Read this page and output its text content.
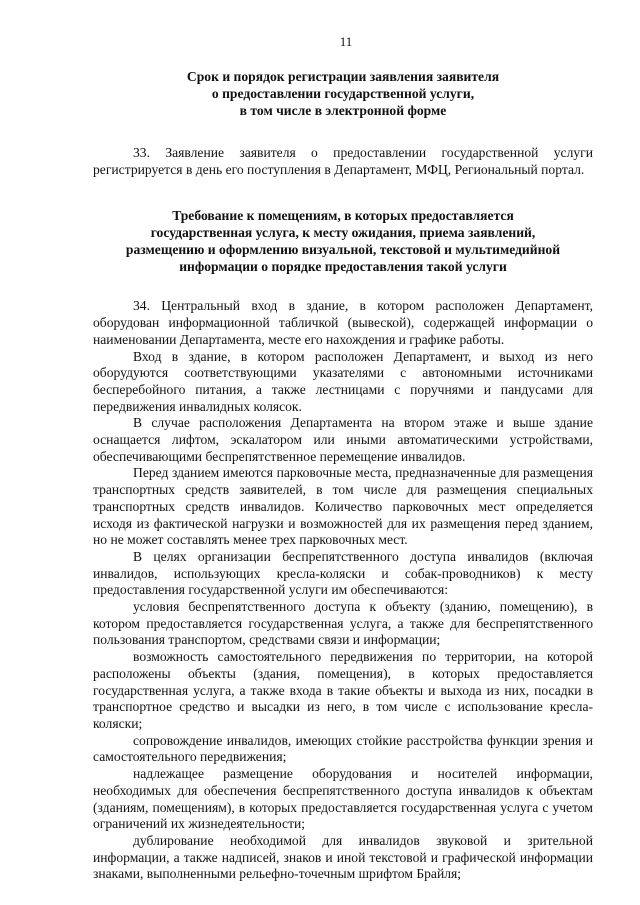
11
Срок и порядок регистрации заявления заявителя
о предоставлении государственной услуги,
в том числе в электронной форме

33. Заявление заявителя о предоставлении государственной услуги регистрируется в день его поступления в Департамент, МФЦ, Региональный портал.

Требование к помещениям, в которых предоставляется
государственная услуга, к месту ожидания, приема заявлений,
размещению и оформлению визуальной, текстовой и мультимедийной
информации о порядке предоставления такой услуги

34. Центральный вход в здание, в котором расположен Департамент, оборудован информационной табличкой (вывеской), содержащей информации о наименовании Департамента, месте его нахождения и графике работы.

Вход в здание, в котором расположен Департамент, и выход из него оборудуются соответствующими указателями с автономными источниками бесперебойного питания, а также лестницами с поручнями и пандусами для передвижения инвалидных колясок.

В случае расположения Департамента на втором этаже и выше здание оснащается лифтом, эскалатором или иными автоматическими устройствами, обеспечивающими беспрепятственное перемещение инвалидов.

Перед зданием имеются парковочные места, предназначенные для размещения транспортных средств заявителей, в том числе для размещения специальных транспортных средств инвалидов. Количество парковочных мест определяется исходя из фактической нагрузки и возможностей для их размещения перед зданием, но не может составлять менее трех парковочных мест.

В целях организации беспрепятственного доступа инвалидов (включая инвалидов, использующих кресла-коляски и собак-проводников) к месту предоставления государственной услуги им обеспечиваются:

условия беспрепятственного доступа к объекту (зданию, помещению), в котором предоставляется государственная услуга, а также для беспрепятственного пользования транспортом, средствами связи и информации;

возможность самостоятельного передвижения по территории, на которой расположены объекты (здания, помещения), в которых предоставляется государственная услуга, а также входа в такие объекты и выхода из них, посадки в транспортное средство и высадки из него, в том числе с использование кресла-коляски;

сопровождение инвалидов, имеющих стойкие расстройства функции зрения и самостоятельного передвижения;

надлежащее размещение оборудования и носителей информации, необходимых для обеспечения беспрепятственного доступа инвалидов к объектам (зданиям, помещениям), в которых предоставляется государственная услуга с учетом ограничений их жизнедеятельности;

дублирование необходимой для инвалидов звуковой и зрительной информации, а также надписей, знаков и иной текстовой и графической информации знаками, выполненными рельефно-точечным шрифтом Брайля;
